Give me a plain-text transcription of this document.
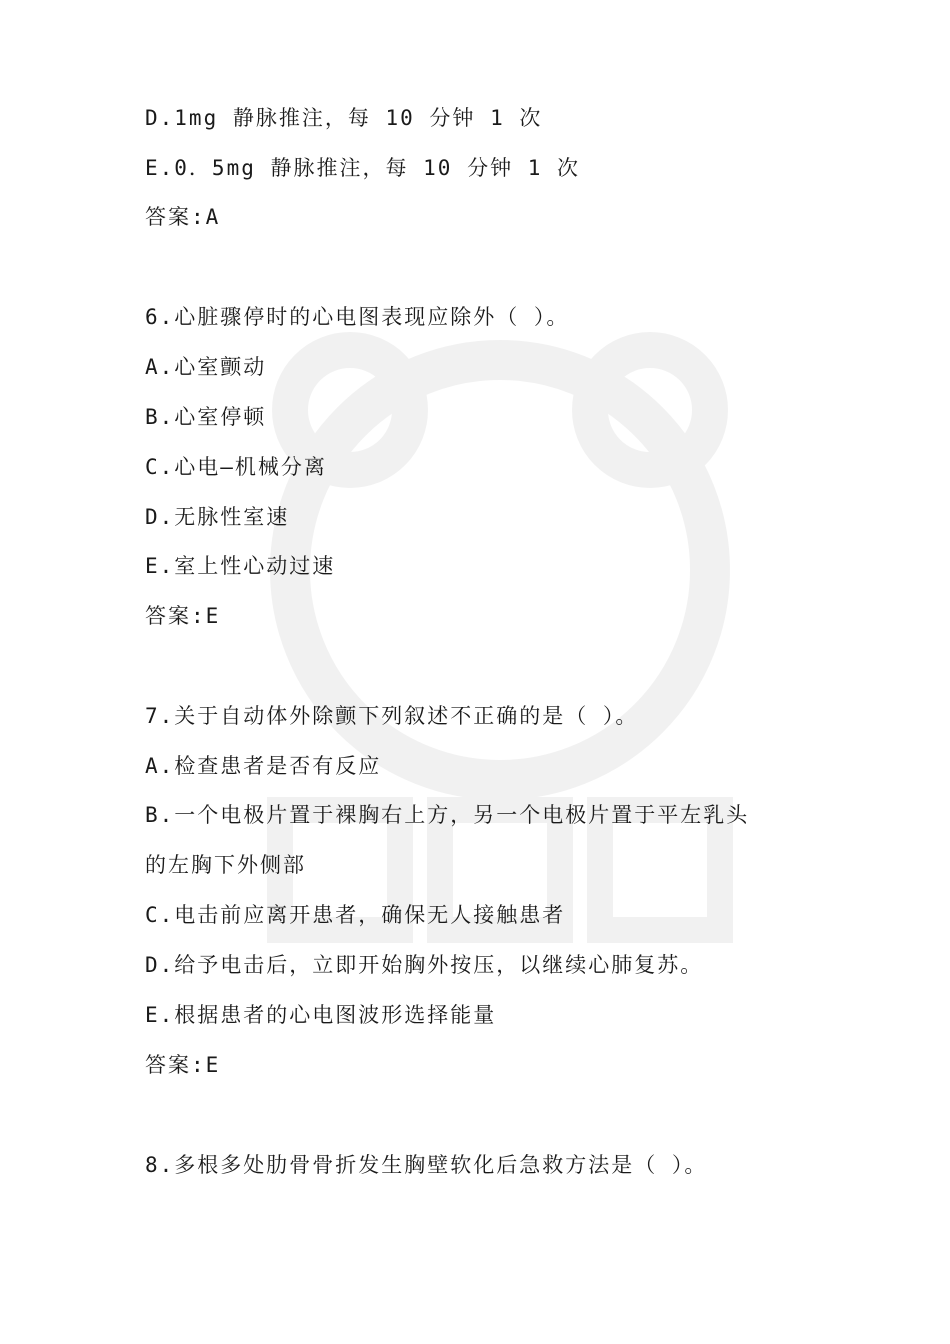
D.1mg 静脉推注，每 10 分钟 1 次
E.0．5mg 静脉推注，每 10 分钟 1 次
答案:A
6.心脏骤停时的心电图表现应除外（ ）。
A.心室颤动
B.心室停顿
C.心电—机械分离
D.无脉性室速
E.室上性心动过速
答案:E
7.关于自动体外除颤下列叙述不正确的是（ ）。
A.检查患者是否有反应
B.一个电极片置于裸胸右上方，另一个电极片置于平左乳头
的左胸下外侧部
C.电击前应离开患者，确保无人接触患者
D.给予电击后，立即开始胸外按压，以继续心肺复苏。
E.根据患者的心电图波形选择能量
答案:E
8.多根多处肋骨骨折发生胸壁软化后急救方法是（ ）。
